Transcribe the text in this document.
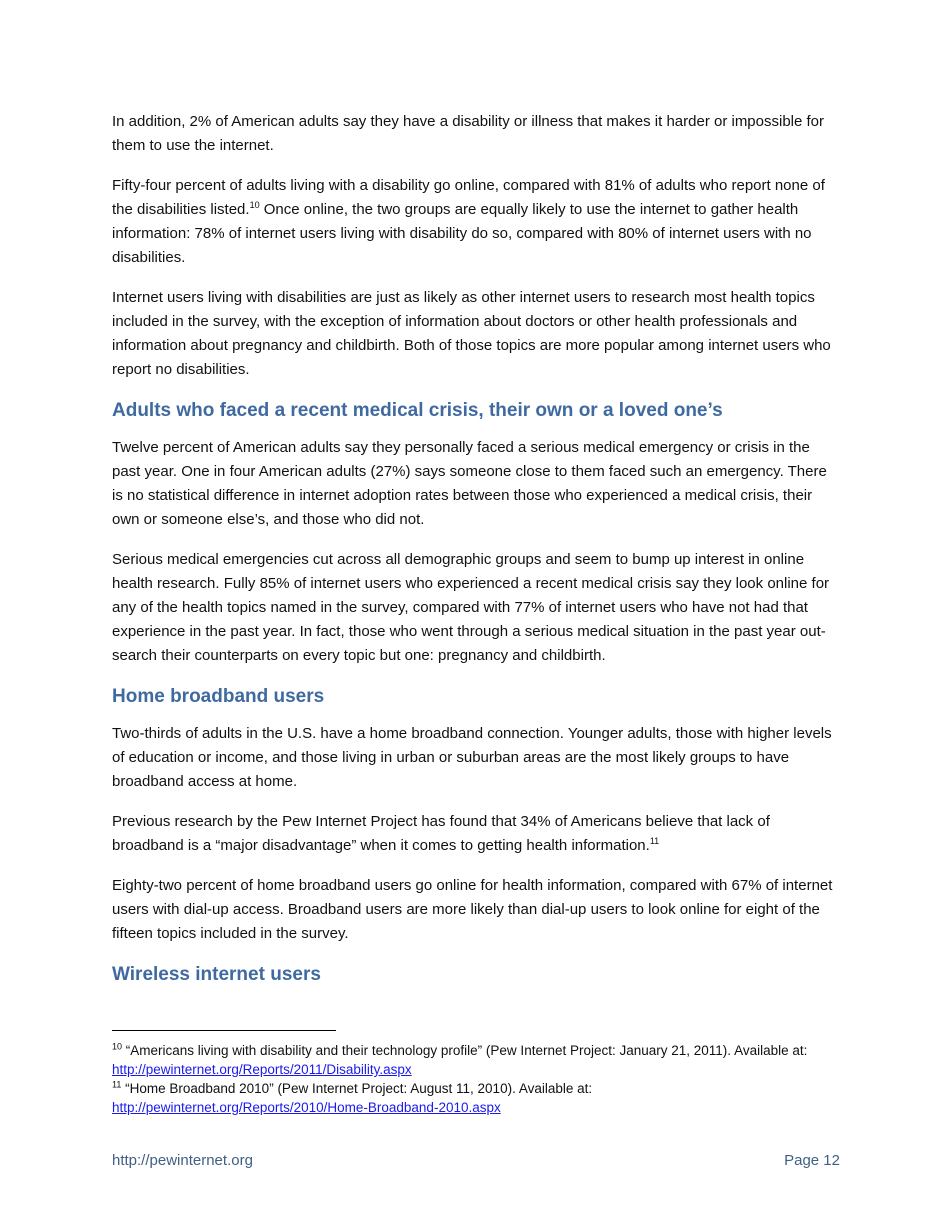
In addition, 2% of American adults say they have a disability or illness that makes it harder or impossible for them to use the internet.

Fifty-four percent of adults living with a disability go online, compared with 81% of adults who report none of the disabilities listed.$^{10}$ Once online, the two groups are equally likely to use the internet to gather health information: 78% of internet users living with disability do so, compared with 80% of internet users with no disabilities.

Internet users living with disabilities are just as likely as other internet users to research most health topics included in the survey, with the exception of information about doctors or other health professionals and information about pregnancy and childbirth. Both of those topics are more popular among internet users who report no disabilities.

Adults who faced a recent medical crisis, their own or a loved one’s

Twelve percent of American adults say they personally faced a serious medical emergency or crisis in the past year. One in four American adults (27%) says someone close to them faced such an emergency. There is no statistical difference in internet adoption rates between those who experienced a medical crisis, their own or someone else’s, and those who did not.

Serious medical emergencies cut across all demographic groups and seem to bump up interest in online health research. Fully 85% of internet users who experienced a recent medical crisis say they look online for any of the health topics named in the survey, compared with 77% of internet users who have not had that experience in the past year. In fact, those who went through a serious medical situation in the past year out-search their counterparts on every topic but one: pregnancy and childbirth.

Home broadband users

Two-thirds of adults in the U.S. have a home broadband connection. Younger adults, those with higher levels of education or income, and those living in urban or suburban areas are the most likely groups to have broadband access at home.

Previous research by the Pew Internet Project has found that 34% of Americans believe that lack of broadband is a “major disadvantage” when it comes to getting health information.$^{11}$

Eighty-two percent of home broadband users go online for health information, compared with 67% of internet users with dial-up access. Broadband users are more likely than dial-up users to look online for eight of the fifteen topics included in the survey.

Wireless internet users

$^{10}$ “Americans living with disability and their technology profile” (Pew Internet Project: January 21, 2011). Available at: http://pewinternet.org/Reports/2011/Disability.aspx

$^{11}$ “Home Broadband 2010” (Pew Internet Project: August 11, 2010). Available at: http://pewinternet.org/Reports/2010/Home-Broadband-2010.aspx

http://pewinternet.org	Page 12
